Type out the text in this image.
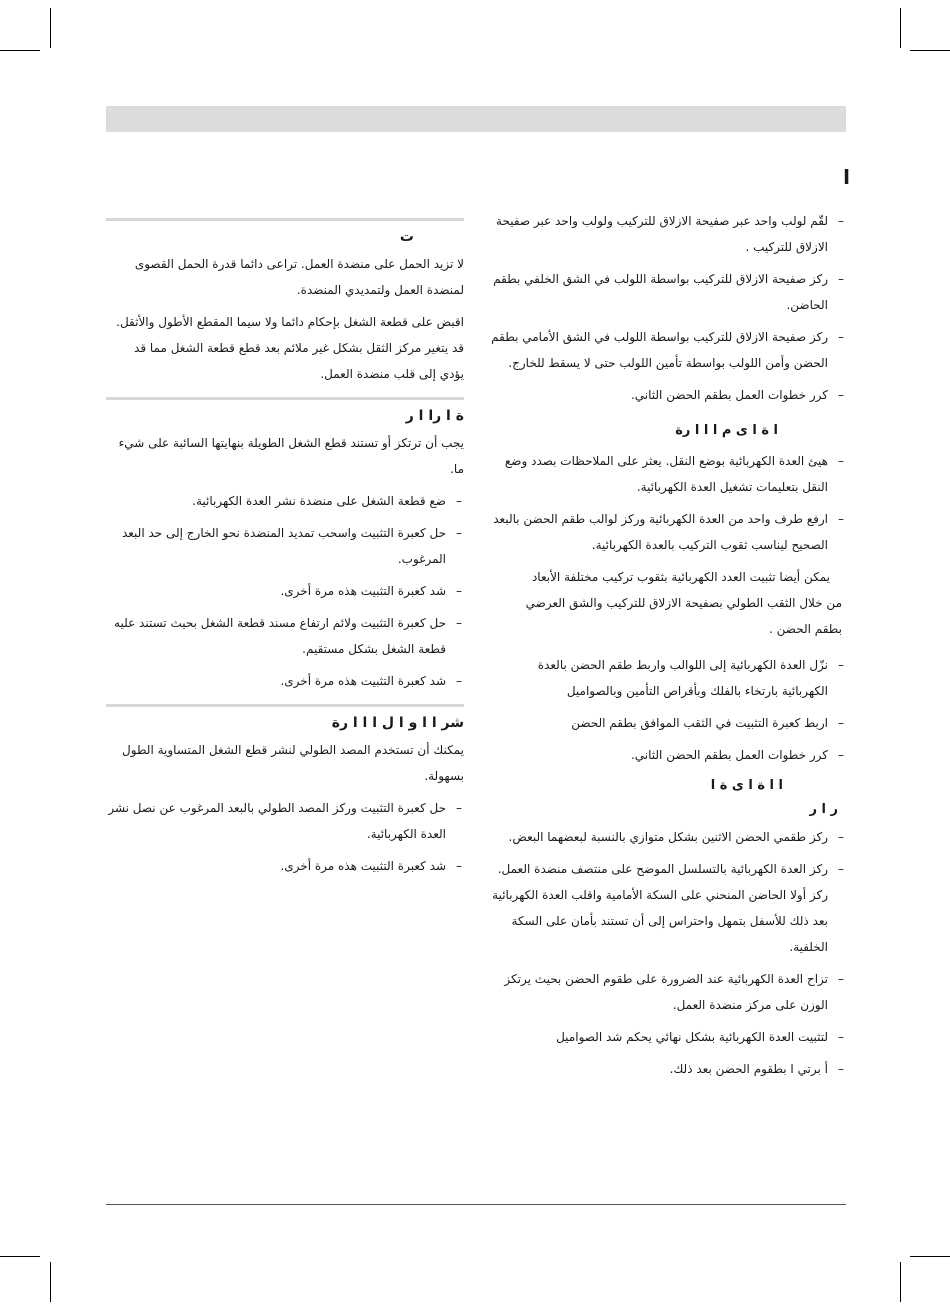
ا
– لقّم لولب واحد عبر صفيحة الازلاق للتركيب ولولب واحد عبر صفيحة الازلاق للتركيب .
– ركز صفيحة الازلاق للتركيب بواسطة اللولب في الشق الخلفي بطقم الحاضن.
– ركز صفيحة الازلاق للتركيب بواسطة اللولب في الشق الأمامي بطقم الحضن وأمن اللولب بواسطة تأمين اللولب حتى لا يسقط للخارج.
– كرر خطوات العمل بطقم الحضن الثاني.
ا ة ا ى م ا ا ا رة
– هيئ العدة الكهربائية بوضع النقل. يعثر على الملاحظات بصدد وضع النقل بتعليمات تشغيل العدة الكهربائية.
– ارفع طرف واحد من العدة الكهربائية وركز لوالب طقم الحضن بالبعد الصحيح ليناسب ثقوب التركيب بالعدة الكهربائية.
يمكن أيضا تثبيت العدد الكهربائية بثقوب تركيب مختلفة الأبعاد
من خلال الثقب الطولي بصفيحة الازلاق للتركيب والشق العرضي
بطقم الحضن .
– نزّل العدة الكهربائية إلى اللوالب واربط طقم الحضن بالعدة الكهربائية بارتخاء بالفلك وبأقراص التأمين وبالصواميل
– اربط كعبرة التثبيت في الثقب الموافق بطقم الحضن
– كرر خطوات العمل بطقم الحضن الثاني.
ا ا ة ا ى ة ا
ر ا ر
– ركز طقمي الحضن الاثنين بشكل متوازي بالنسبة لبعضهما البعض.
– ركز العدة الكهربائية بالتسلسل الموضح على منتصف منضدة العمل.
ركز أولا الحاضن المنحني على السكة الأمامية واقلب العدة الكهربائية بعد ذلك للأسفل بتمهل واحتراس إلى أن تستند بأمان على السكة الخلفية.
– تزاح العدة الكهربائية عند الضرورة على طقوم الحضن بحيث يرتكز الوزن على مركز منضدة العمل.
– لتثبيت العدة الكهربائية بشكل نهائي يحكم شد الصواميل
– أ برتي ا بطقوم الحضن بعد ذلك.
ت

لا تزيد الحمل على منضدة العمل. تراعى دائما قدرة الحمل القصوى لمنضدة العمل ولتمديدي المنضدة.

اقبض على قطعة الشغل بإحكام دائما ولا سيما المقطع الأطول والأثقل. قد يتغير مركز الثقل بشكل غير ملائم بعد قطع قطعة الشغل مما قد يؤدي إلى قلب منضدة العمل.

ة ا را ا ر

يجب أن ترتكز أو تستند قطع الشغل الطويلة بنهايتها السائبة على شيء ما.

– ضع قطعة الشغل على منضدة نشر العدة الكهربائية.
– حل كعبرة التثبيت واسحب تمديد المنضدة نحو الخارج إلى حد البعد المرغوب.
– شد كعبرة التثبيت هذه مرة أخرى.
– حل كعبرة التثبيت ولائم ارتفاع مسند قطعة الشغل بحيث تستند عليه قطعة الشغل بشكل مستقيم.
– شد كعبرة التثبيت هذه مرة أخرى.
شر ا ا و ا ل ا ا ا رة

يمكنك أن تستخدم المصد الطولي لنشر قطع الشغل المتساوية الطول بسهولة.

– حل كعبرة التثبيت وركز المصد الطولي بالبعد المرغوب عن نصل نشر العدة الكهربائية.
– شد كعبرة التثبيت هذه مرة أخرى.
